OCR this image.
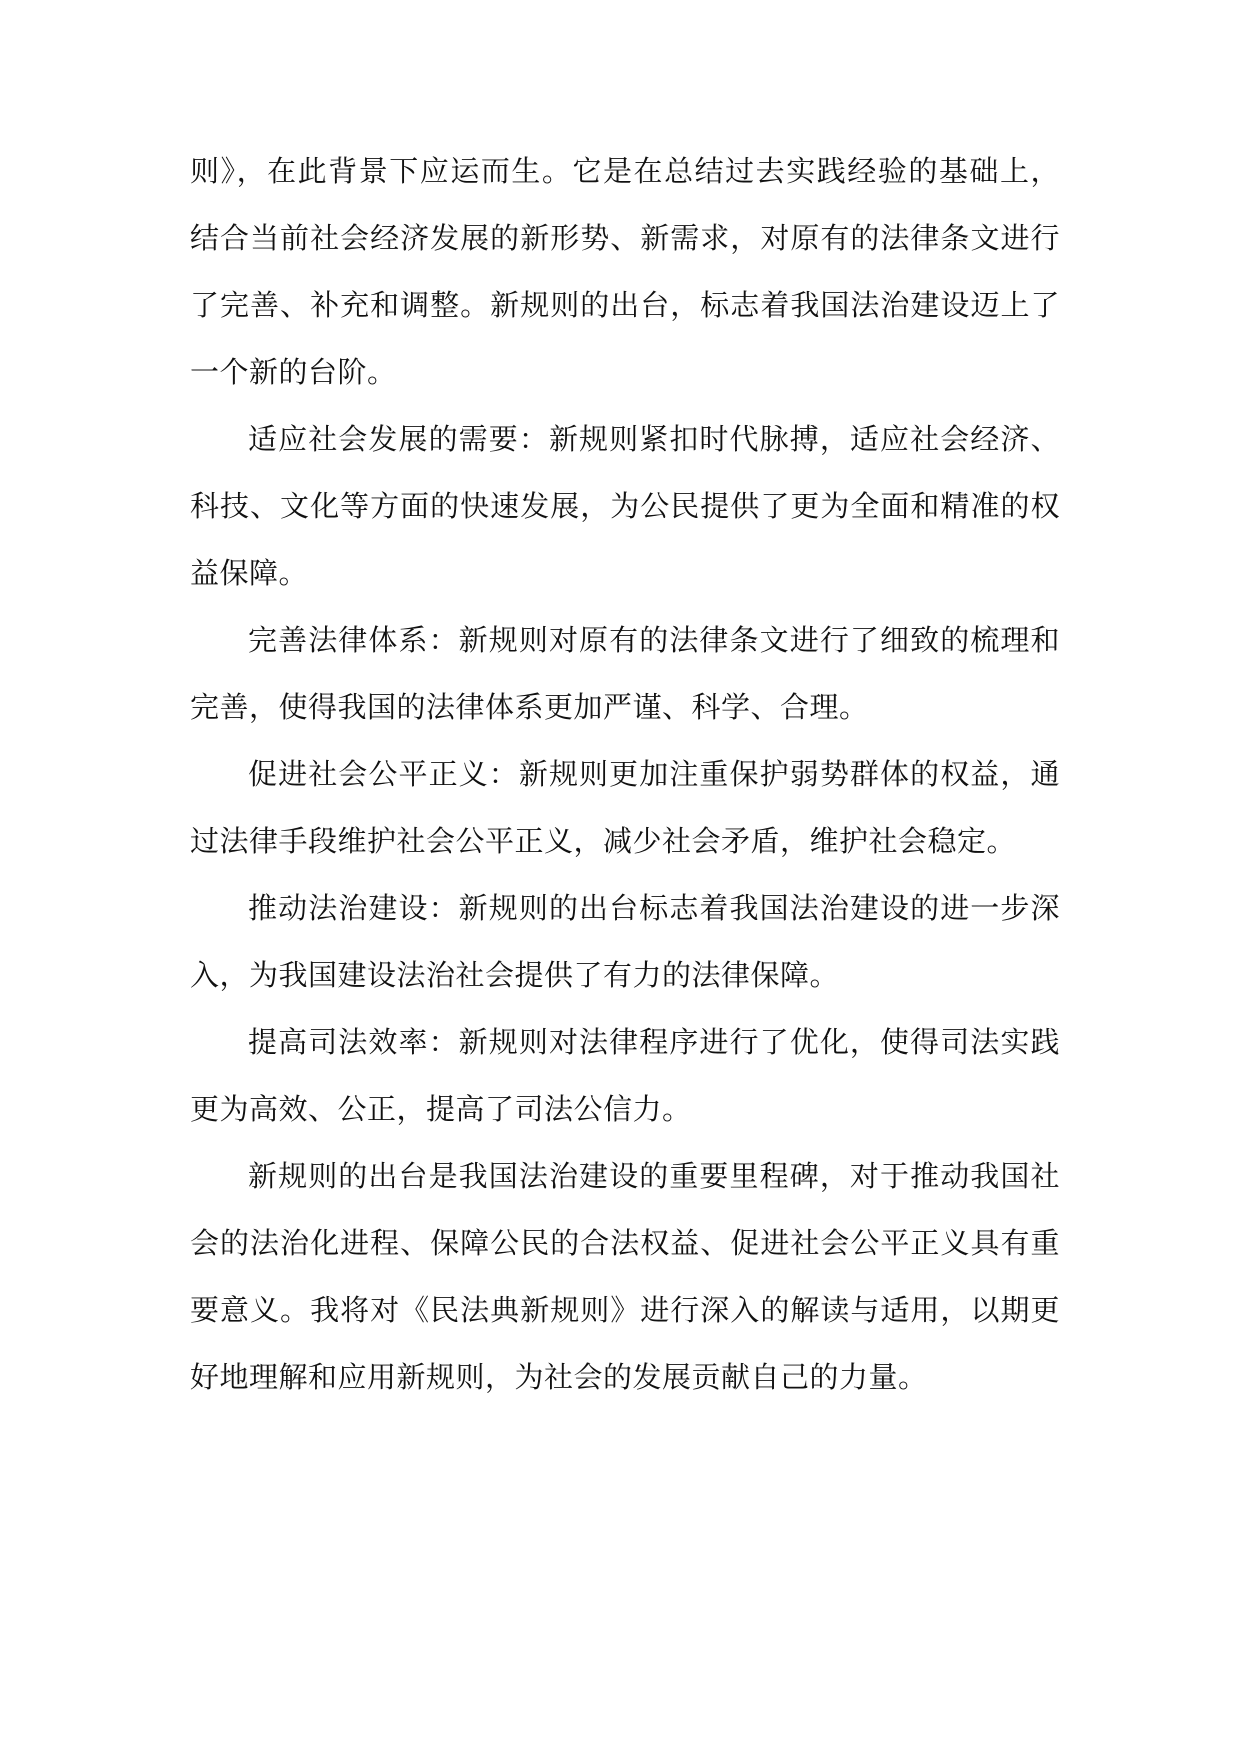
则》，在此背景下应运而生。它是在总结过去实践经验的基础上，结合当前社会经济发展的新形势、新需求，对原有的法律条文进行了完善、补充和调整。新规则的出台，标志着我国法治建设迈上了一个新的台阶。

适应社会发展的需要：新规则紧扣时代脉搏，适应社会经济、科技、文化等方面的快速发展，为公民提供了更为全面和精准的权益保障。

完善法律体系：新规则对原有的法律条文进行了细致的梳理和完善，使得我国的法律体系更加严谨、科学、合理。

促进社会公平正义：新规则更加注重保护弱势群体的权益，通过法律手段维护社会公平正义，减少社会矛盾，维护社会稳定。

推动法治建设：新规则的出台标志着我国法治建设的进一步深入，为我国建设法治社会提供了有力的法律保障。

提高司法效率：新规则对法律程序进行了优化，使得司法实践更为高效、公正，提高了司法公信力。

新规则的出台是我国法治建设的重要里程碑，对于推动我国社会的法治化进程、保障公民的合法权益、促进社会公平正义具有重要意义。我将对《民法典新规则》进行深入的解读与适用，以期更好地理解和应用新规则，为社会的发展贡献自己的力量。
